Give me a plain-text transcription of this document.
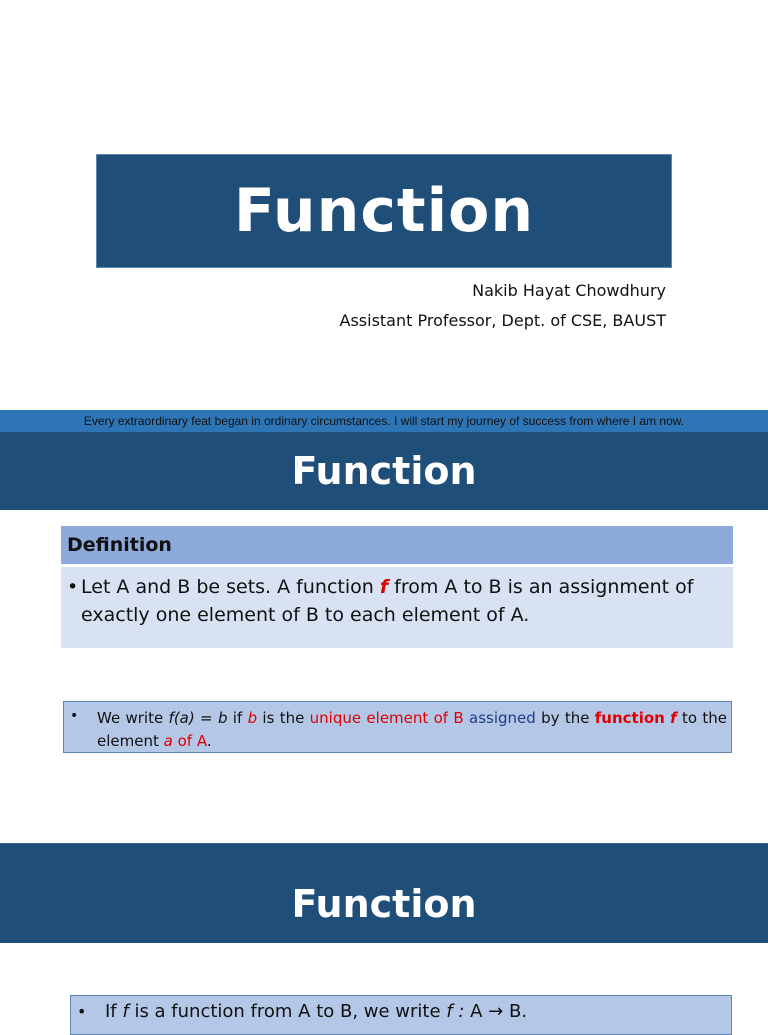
Function
Nakib Hayat Chowdhury
Assistant Professor, Dept. of CSE, BAUST
Every extraordinary feat began in ordinary circumstances. I will start my journey of success from where I am now.
Function
Definition
• Let A and B be sets. A function f from A to B is an assignment of exactly one element of B to each element of A.
• We write f(a) = b if b is the unique element of B assigned by the function f to the element a of A.
Function
• If f is a function from A to B, we write f : A → B.
